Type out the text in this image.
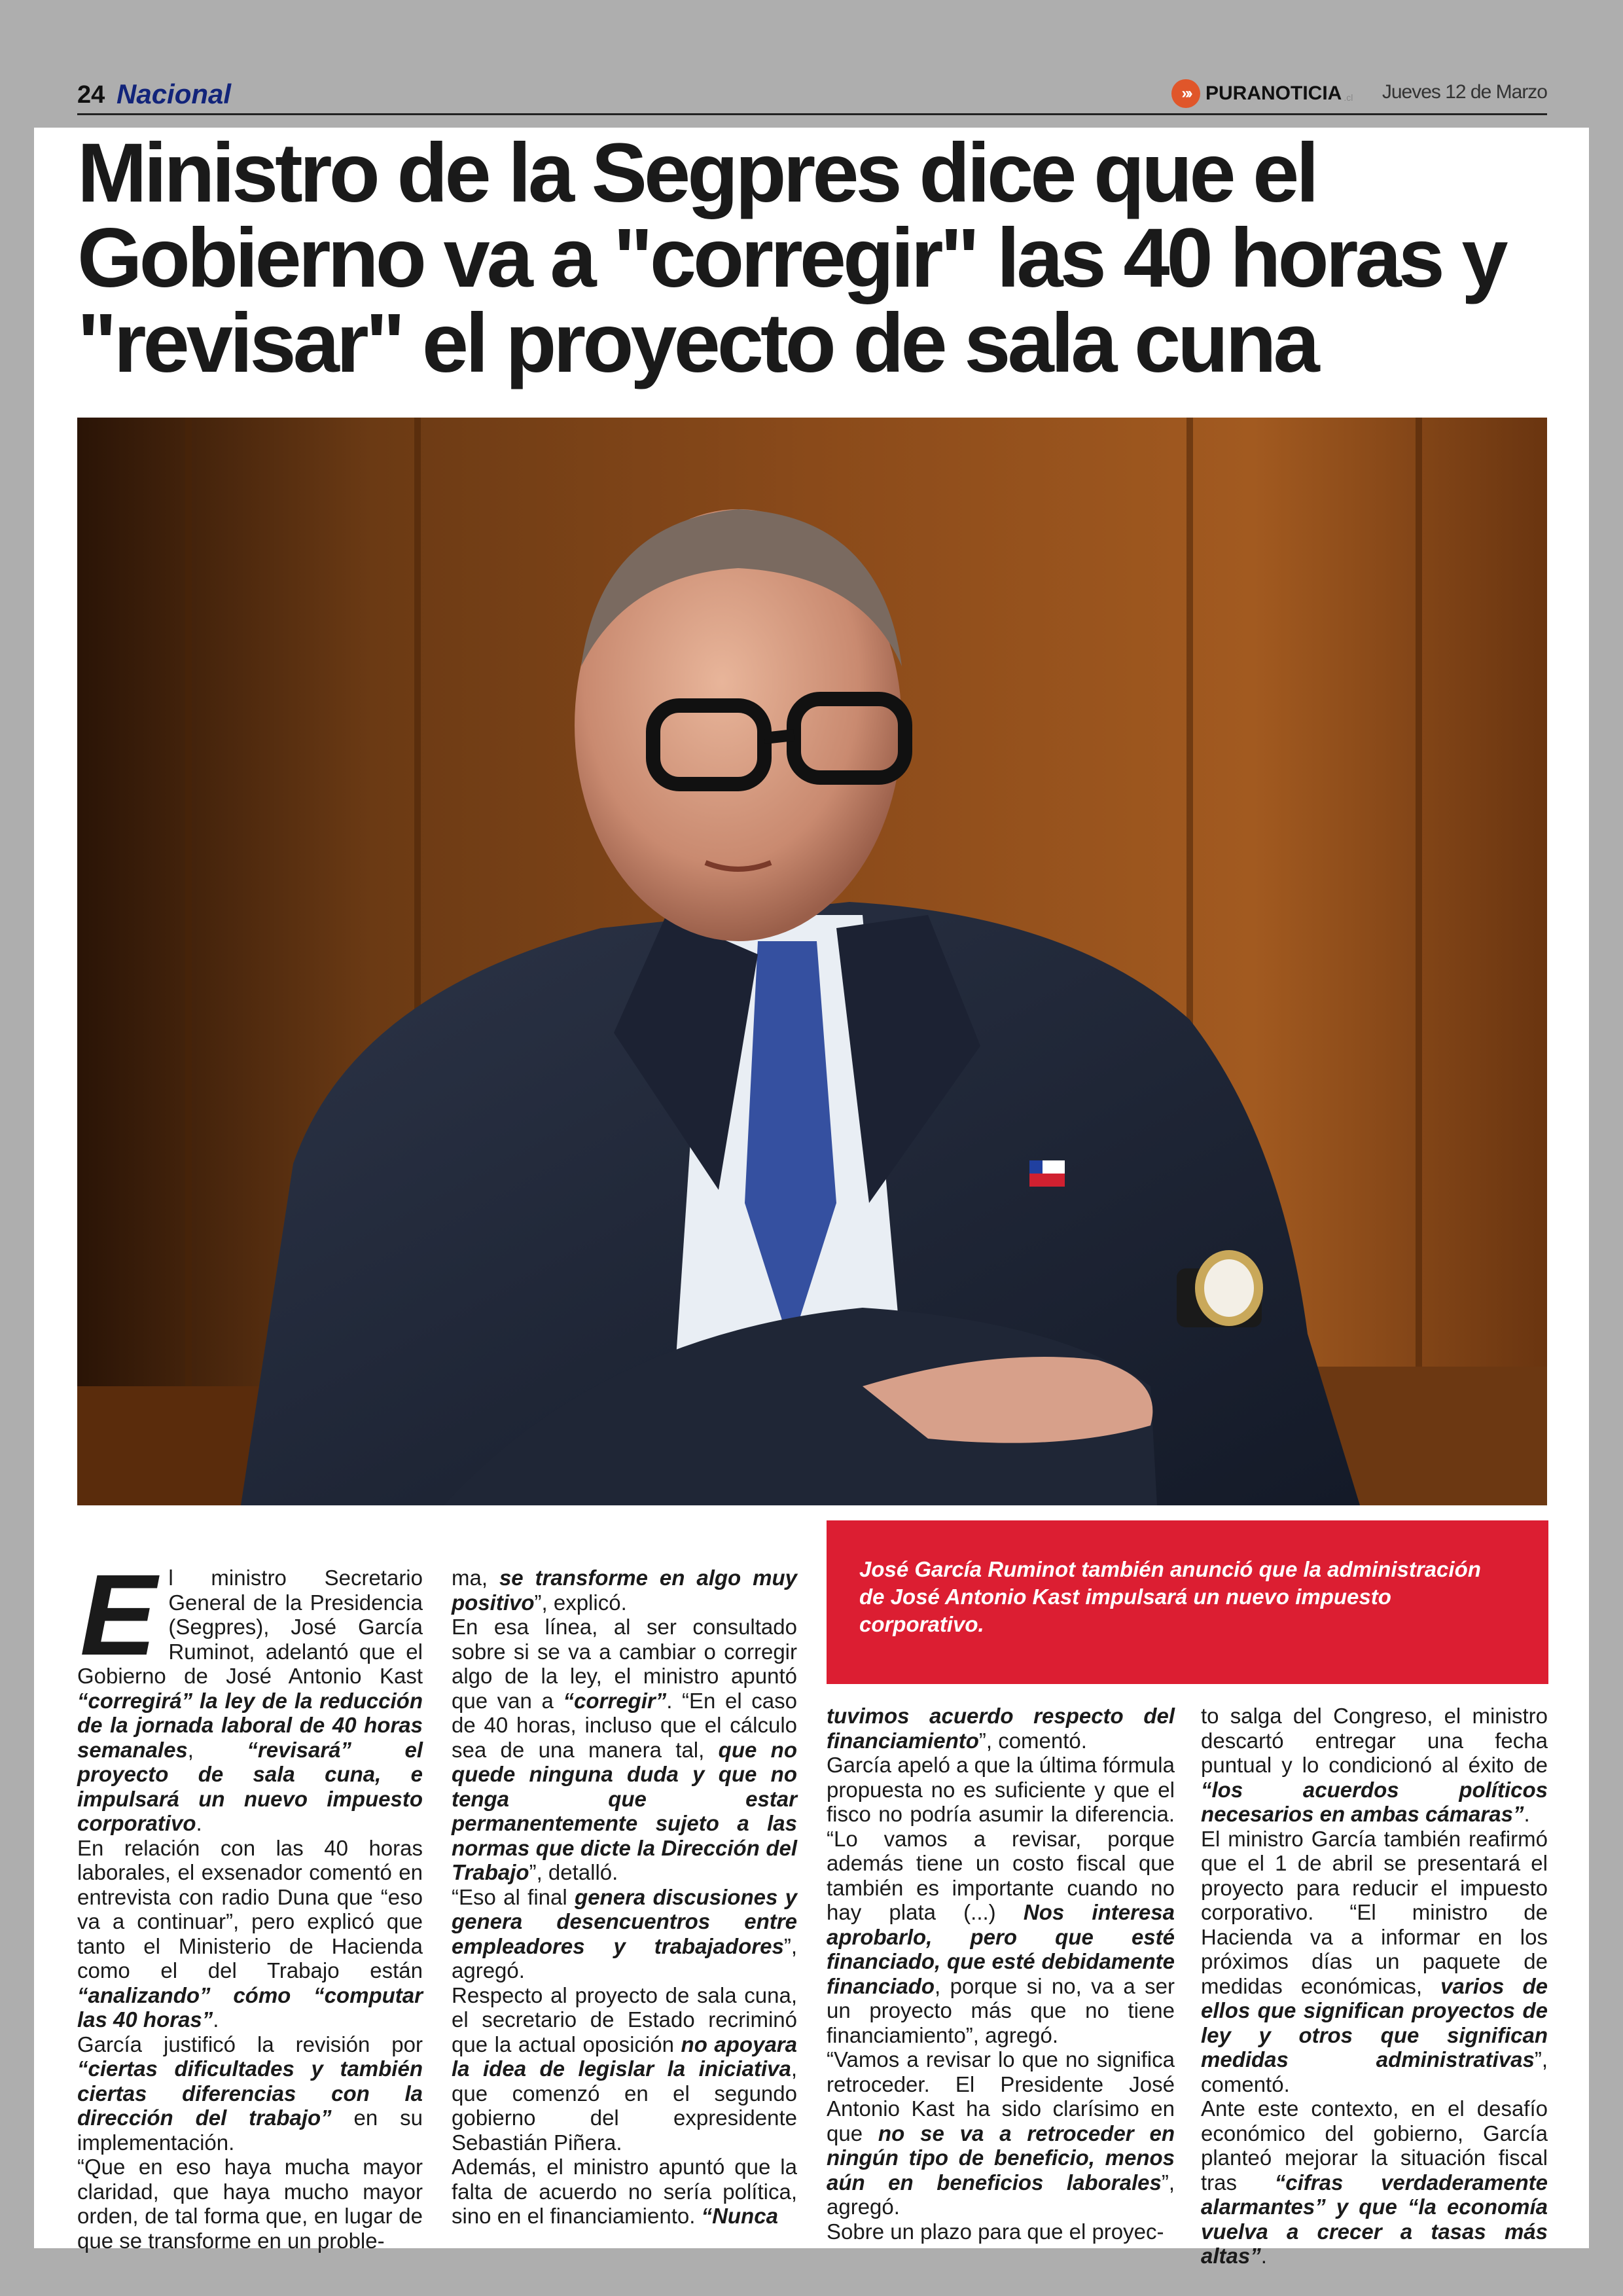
24 Nacional	»› PURANOTICIA .cl Jueves 12 de Marzo
Ministro de la Segpres dice que el Gobierno va a "corregir" las 40 horas y "revisar" el proyecto de sala cuna

José García Ruminot también anunció que la administración de José Antonio Kast impulsará un nuevo impuesto corporativo.

E l ministro Secretario General de la Presidencia (Segpres), José García Ruminot, adelantó que el Gobierno de José Antonio Kast “corregirá” la ley de la reducción de la jornada laboral de 40 horas semanales, “revisará” el proyecto de sala cuna, e impulsará un nuevo impuesto corporativo.

En relación con las 40 horas laborales, el exsenador comentó en entrevista con radio Duna que “eso va a continuar”, pero explicó que tanto el Ministerio de Hacienda como el del Trabajo están “analizando” cómo “computar las 40 horas”.

García justificó la revisión por “ciertas dificultades y también ciertas diferencias con la dirección del trabajo” en su implementación.

“Que en eso haya mucha mayor claridad, que haya mucho mayor orden, de tal forma que, en lugar de que se transforme en un proble-

ma, se transforme en algo muy positivo”, explicó.

En esa línea, al ser consultado sobre si se va a cambiar o corregir algo de la ley, el ministro apuntó que van a “corregir”. “En el caso de 40 horas, incluso que el cálculo sea de una manera tal, que no quede ninguna duda y que no tenga que estar permanentemente sujeto a las normas que dicte la Dirección del Trabajo”, detalló.

“Eso al final genera discusiones y genera desencuentros entre empleadores y trabajadores”, agregó.

Respecto al proyecto de sala cuna, el secretario de Estado recriminó que la actual oposición no apoyara la idea de legislar la iniciativa, que comenzó en el segundo gobierno del expresidente Sebastián Piñera.

Además, el ministro apuntó que la falta de acuerdo no sería política, sino en el financiamiento. “Nunca

tuvimos acuerdo respecto del financiamiento”, comentó.

García apeló a que la última fórmula propuesta no es suficiente y que el fisco no podría asumir la diferencia. “Lo vamos a revisar, porque además tiene un costo fiscal que también es importante cuando no hay plata (...) Nos interesa aprobarlo, pero que esté financiado, que esté debidamente financiado, porque si no, va a ser un proyecto más que no tiene financiamiento”, agregó.

“Vamos a revisar lo que no significa retroceder. El Presidente José Antonio Kast ha sido clarísimo en que no se va a retroceder en ningún tipo de beneficio, menos aún en beneficios laborales”, agregó.

Sobre un plazo para que el proyec-

to salga del Congreso, el ministro descartó entregar una fecha puntual y lo condicionó al éxito de “los acuerdos políticos necesarios en ambas cámaras”.

El ministro García también reafirmó que el 1 de abril se presentará el proyecto para reducir el impuesto corporativo. “El ministro de Hacienda va a informar en los próximos días un paquete de medidas económicas, varios de ellos que significan proyectos de ley y otros que significan medidas administrativas”, comentó.

Ante este contexto, en el desafío económico del gobierno, García planteó mejorar la situación fiscal tras “cifras verdaderamente alarmantes” y que “la economía vuelva a crecer a tasas más altas”.
